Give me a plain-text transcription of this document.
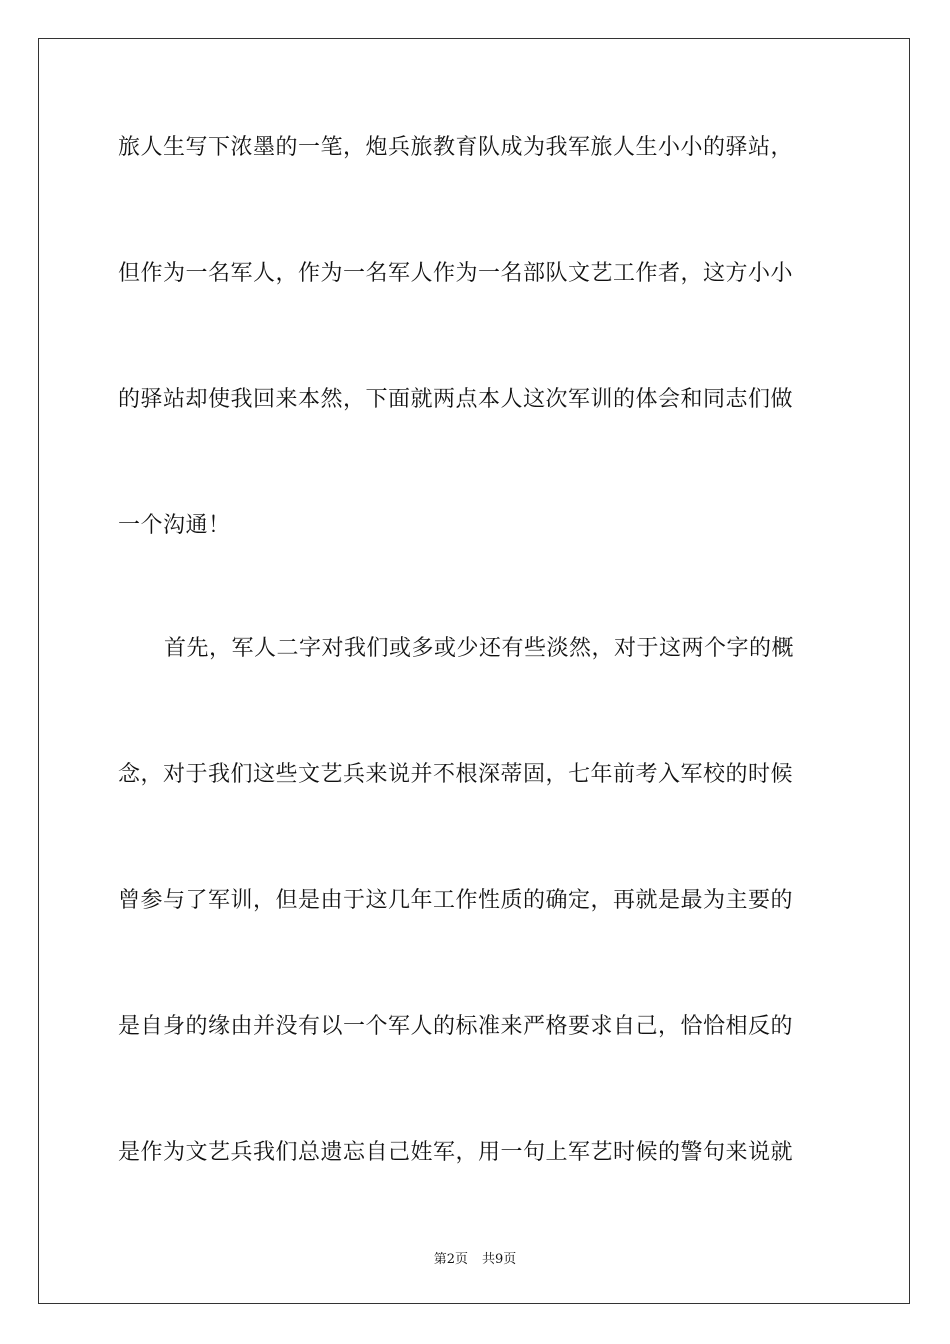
旅人生写下浓墨的一笔，炮兵旅教育队成为我军旅人生小小的驿站，
但作为一名军人，作为一名军人作为一名部队文艺工作者，这方小小
的驿站却使我回来本然，下面就两点本人这次军训的体会和同志们做
一个沟通！
首先，军人二字对我们或多或少还有些淡然，对于这两个字的概
念，对于我们这些文艺兵来说并不根深蒂固，七年前考入军校的时候
曾参与了军训，但是由于这几年工作性质的确定，再就是最为主要的
是自身的缘由并没有以一个军人的标准来严格要求自己，恰恰相反的
是作为文艺兵我们总遗忘自己姓军，用一句上军艺时候的警句来说就
第2页 共9页
